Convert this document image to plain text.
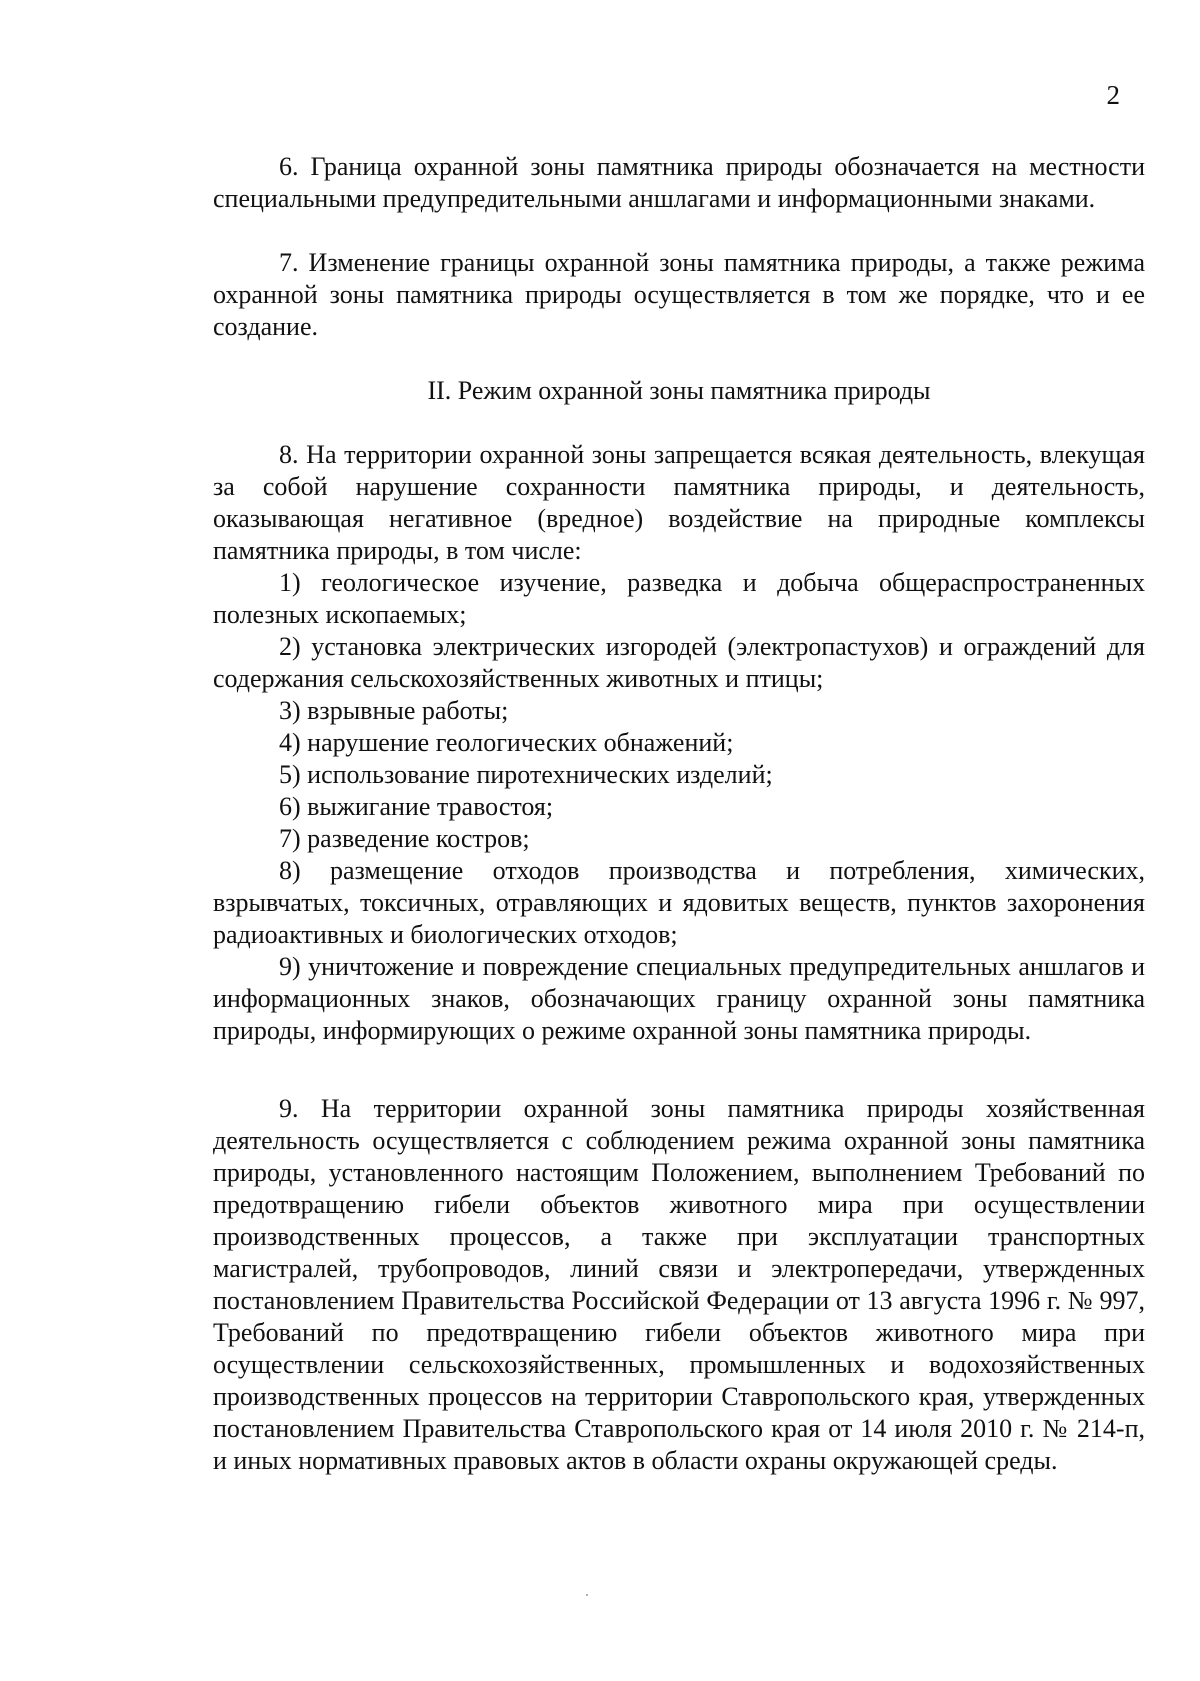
2

6. Граница охранной зоны памятника природы обозначается на местности специальными предупредительными аншлагами и информационными знаками.

7. Изменение границы охранной зоны памятника природы, а также режима охранной зоны памятника природы осуществляется в том же порядке, что и ее создание.

II. Режим охранной зоны памятника природы

8. На территории охранной зоны запрещается всякая деятельность, влекущая за собой нарушение сохранности памятника природы, и деятельность, оказывающая негативное (вредное) воздействие на природные комплексы памятника природы, в том числе:

1) геологическое изучение, разведка и добыча общераспространенных полезных ископаемых;

2) установка электрических изгородей (электропастухов) и ограждений для содержания сельскохозяйственных животных и птицы;

3) взрывные работы;

4) нарушение геологических обнажений;

5) использование пиротехнических изделий;

6) выжигание травостоя;

7) разведение костров;

8) размещение отходов производства и потребления, химических, взрывчатых, токсичных, отравляющих и ядовитых веществ, пунктов захоронения радиоактивных и биологических отходов;

9) уничтожение и повреждение специальных предупредительных аншлагов и информационных знаков, обозначающих границу охранной зоны памятника природы, информирующих о режиме охранной зоны памятника природы.

9. На территории охранной зоны памятника природы хозяйственная деятельность осуществляется с соблюдением режима охранной зоны памятника природы, установленного настоящим Положением, выполнением Требований по предотвращению гибели объектов животного мира при осуществлении производственных процессов, а также при эксплуатации транспортных магистралей, трубопроводов, линий связи и электропередачи, утвержденных постановлением Правительства Российской Федерации от 13 августа 1996 г. № 997, Требований по предотвращению гибели объектов животного мира при осуществлении сельскохозяйственных, промышленных и водохозяйственных производственных процессов на территории Ставропольского края, утвержденных постановлением Правительства Ставропольского края от 14 июля 2010 г. № 214-п, и иных нормативных правовых актов в области охраны окружающей среды.
